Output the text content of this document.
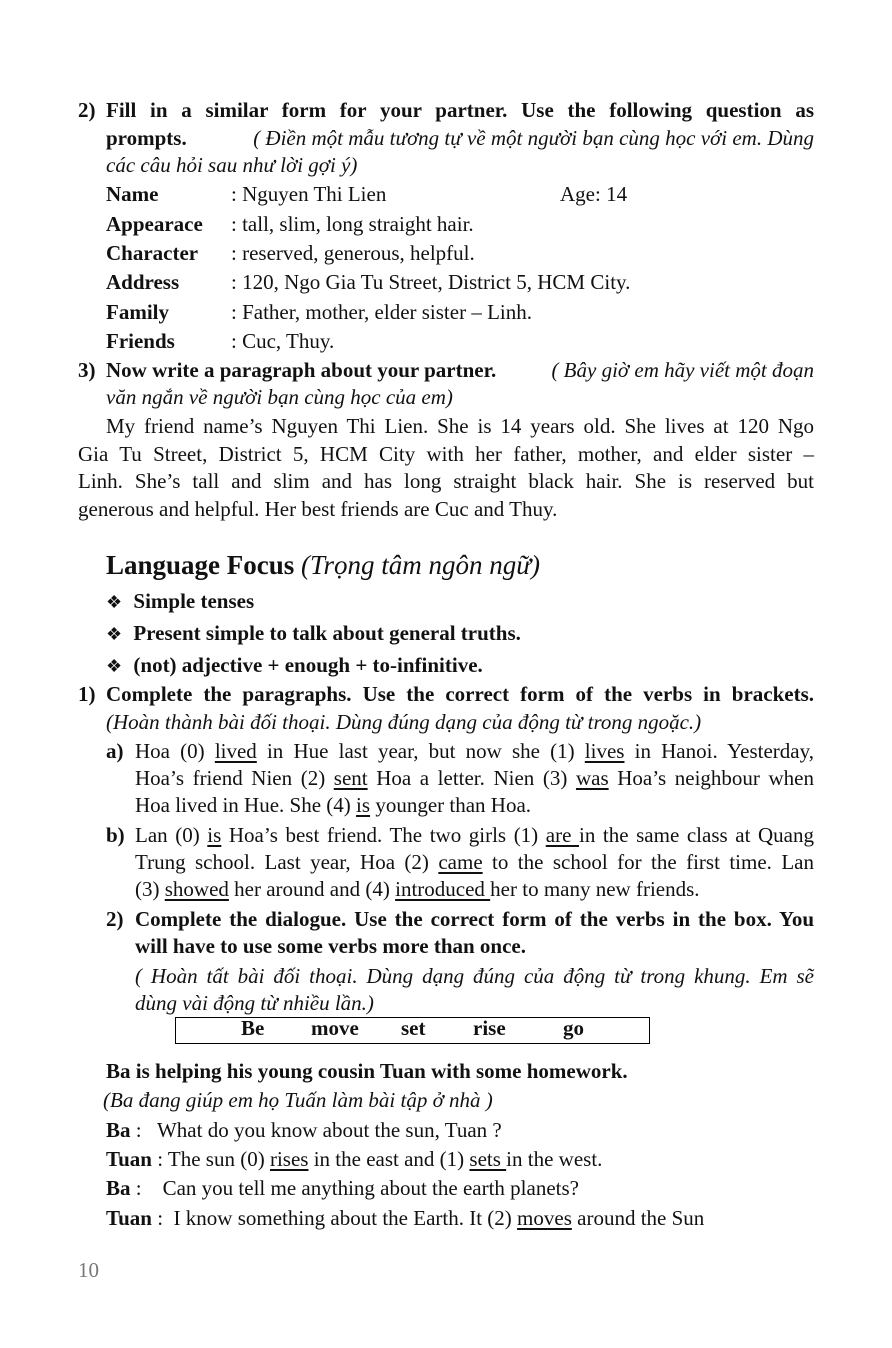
2) Fill in a similar form for your partner. Use the following question as
prompts.	( Điền một mẫu tương tự về một người bạn cùng học với em. Dùng
các câu hỏi sau như lời gợi ý)
Name	: Nguyen Thi Lien	Age: 14
Appearace : tall, slim, long straight hair.
Character : reserved, generous, helpful.
Address : 120, Ngo Gia Tu Street, District 5, HCM City.
Family	: Father, mother, elder sister – Linh.
Friends	: Cuc, Thuy.
3) Now write a paragraph about your partner.	( Bây giờ em hãy viết một đoạn
văn ngắn về người bạn cùng học của em)
My friend name’s Nguyen Thi Lien. She is 14 years old. She lives at 120 Ngo
Gia Tu Street, District 5, HCM City with her father, mother, and elder sister –
Linh. She’s tall and slim and has long straight black hair. She is reserved but
generous and helpful. Her best friends are Cuc and Thuy.
Language Focus (Trọng tâm ngôn ngữ)
❖ Simple tenses
❖ Present simple to talk about general truths.
❖ (not) adjective + enough + to-infinitive.
1) Complete the paragraphs. Use the correct form of the verbs in brackets.
(Hoàn thành bài đối thoại. Dùng đúng dạng của động từ trong ngoặc.)
a) Hoa (0) lived in Hue last year, but now she (1) lives in Hanoi. Yesterday,
Hoa’s friend Nien (2) sent Hoa a letter. Nien (3) was Hoa’s neighbour when
Hoa lived in Hue. She (4) is younger than Hoa.
b) Lan (0) is Hoa’s best friend. The two girls (1) are in the same class at Quang
Trung school. Last year, Hoa (2) came to the school for the first time. Lan
(3) showed her around and (4) introduced her to many new friends.
2) Complete the dialogue. Use the correct form of the verbs in the box. You
will have to use some verbs more than once.
( Hoàn tất bài đối thoại. Dùng dạng đúng của động từ trong khung. Em sẽ
dùng vài động từ nhiều lần.)
Be move set rise	go
Ba is helping his young cousin Tuan with some homework.
(Ba đang giúp em họ Tuấn làm bài tập ở nhà )
Ba :   What do you know about the sun, Tuan ?
Tuan : The sun (0) rises in the east and (1) sets in the west.
Ba :    Can you tell me anything about the earth planets?
Tuan :  I know something about the Earth. It (2) moves around the Sun
10
